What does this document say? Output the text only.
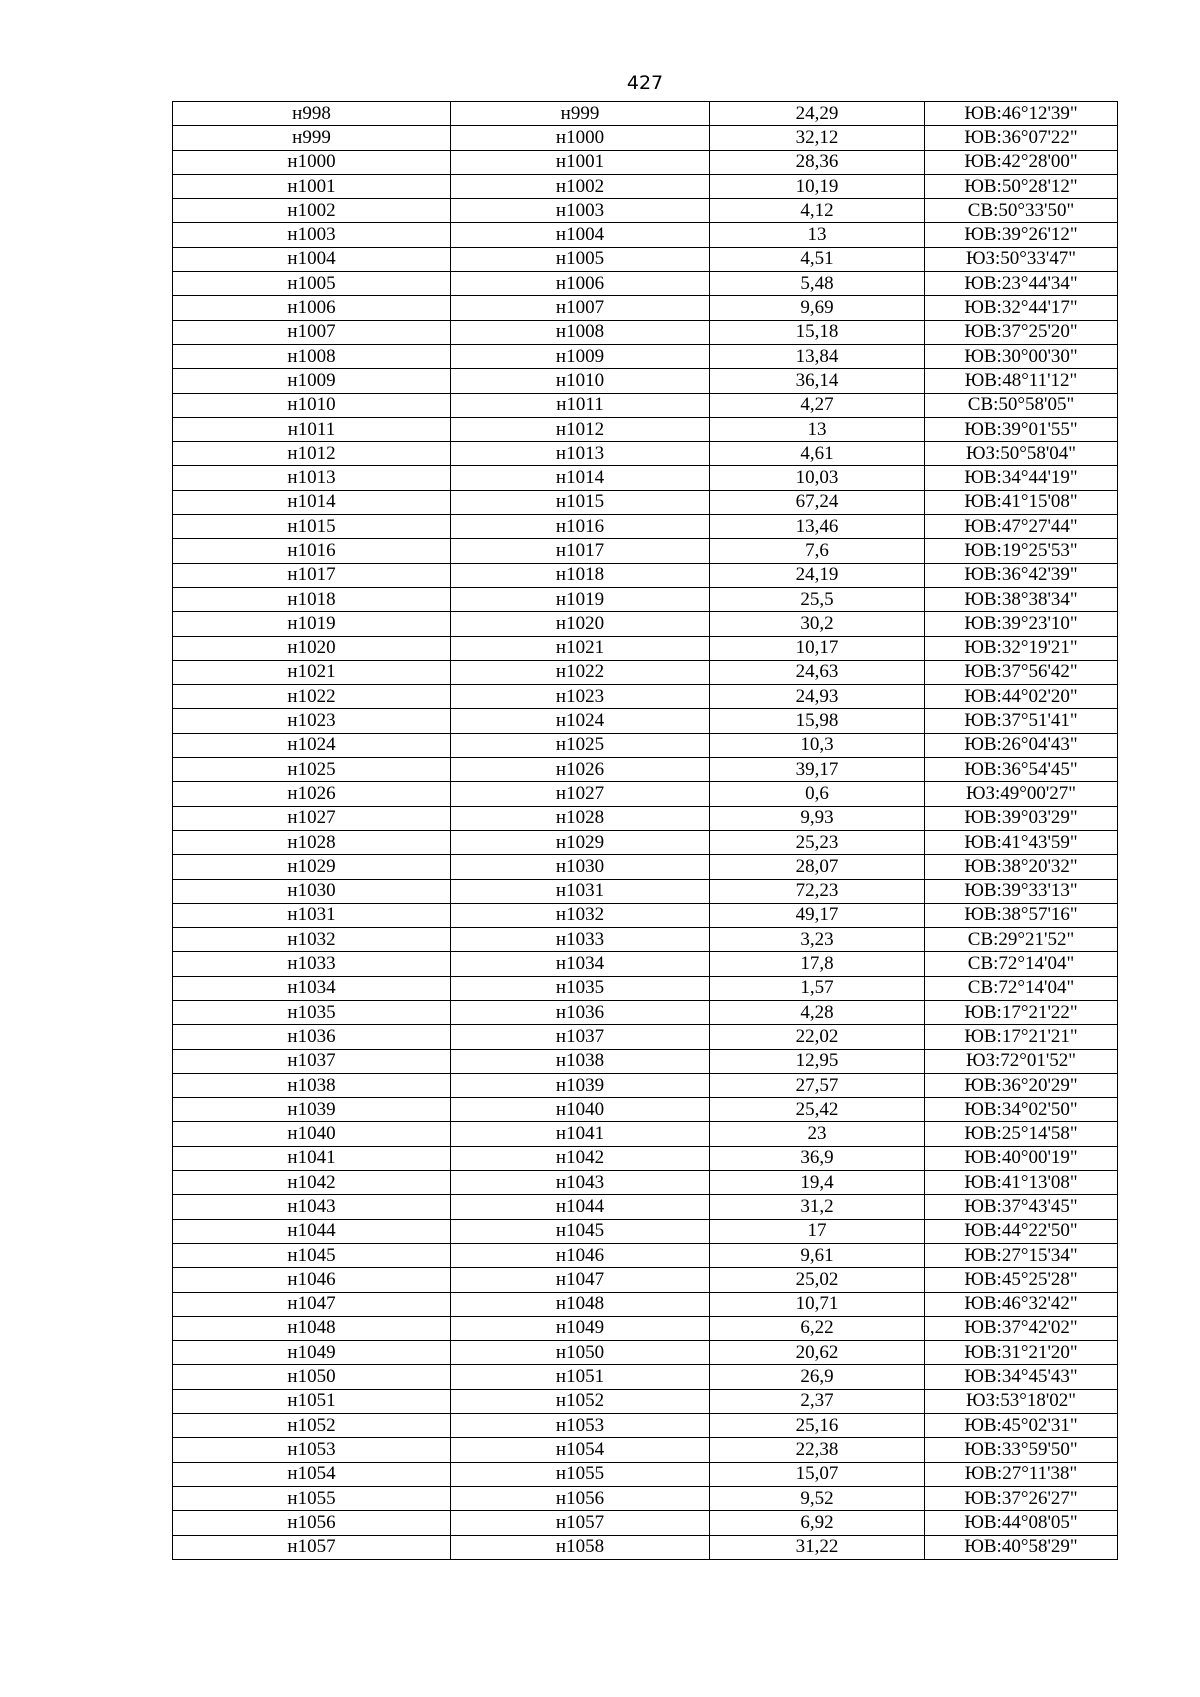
427
н998	н999	24,29	ЮВ:46°12'39"
н999	н1000	32,12	ЮВ:36°07'22"
н1000	н1001	28,36	ЮВ:42°28'00"
н1001	н1002	10,19	ЮВ:50°28'12"
н1002	н1003	4,12	СВ:50°33'50"
н1003	н1004	13	ЮВ:39°26'12"
н1004	н1005	4,51	ЮЗ:50°33'47"
н1005	н1006	5,48	ЮВ:23°44'34"
н1006	н1007	9,69	ЮВ:32°44'17"
н1007	н1008	15,18	ЮВ:37°25'20"
н1008	н1009	13,84	ЮВ:30°00'30"
н1009	н1010	36,14	ЮВ:48°11'12"
н1010	н1011	4,27	СВ:50°58'05"
н1011	н1012	13	ЮВ:39°01'55"
н1012	н1013	4,61	ЮЗ:50°58'04"
н1013	н1014	10,03	ЮВ:34°44'19"
н1014	н1015	67,24	ЮВ:41°15'08"
н1015	н1016	13,46	ЮВ:47°27'44"
н1016	н1017	7,6	ЮВ:19°25'53"
н1017	н1018	24,19	ЮВ:36°42'39"
н1018	н1019	25,5	ЮВ:38°38'34"
н1019	н1020	30,2	ЮВ:39°23'10"
н1020	н1021	10,17	ЮВ:32°19'21"
н1021	н1022	24,63	ЮВ:37°56'42"
н1022	н1023	24,93	ЮВ:44°02'20"
н1023	н1024	15,98	ЮВ:37°51'41"
н1024	н1025	10,3	ЮВ:26°04'43"
н1025	н1026	39,17	ЮВ:36°54'45"
н1026	н1027	0,6	ЮЗ:49°00'27"
н1027	н1028	9,93	ЮВ:39°03'29"
н1028	н1029	25,23	ЮВ:41°43'59"
н1029	н1030	28,07	ЮВ:38°20'32"
н1030	н1031	72,23	ЮВ:39°33'13"
н1031	н1032	49,17	ЮВ:38°57'16"
н1032	н1033	3,23	СВ:29°21'52"
н1033	н1034	17,8	СВ:72°14'04"
н1034	н1035	1,57	СВ:72°14'04"
н1035	н1036	4,28	ЮВ:17°21'22"
н1036	н1037	22,02	ЮВ:17°21'21"
н1037	н1038	12,95	ЮЗ:72°01'52"
н1038	н1039	27,57	ЮВ:36°20'29"
н1039	н1040	25,42	ЮВ:34°02'50"
н1040	н1041	23	ЮВ:25°14'58"
н1041	н1042	36,9	ЮВ:40°00'19"
н1042	н1043	19,4	ЮВ:41°13'08"
н1043	н1044	31,2	ЮВ:37°43'45"
н1044	н1045	17	ЮВ:44°22'50"
н1045	н1046	9,61	ЮВ:27°15'34"
н1046	н1047	25,02	ЮВ:45°25'28"
н1047	н1048	10,71	ЮВ:46°32'42"
н1048	н1049	6,22	ЮВ:37°42'02"
н1049	н1050	20,62	ЮВ:31°21'20"
н1050	н1051	26,9	ЮВ:34°45'43"
н1051	н1052	2,37	ЮЗ:53°18'02"
н1052	н1053	25,16	ЮВ:45°02'31"
н1053	н1054	22,38	ЮВ:33°59'50"
н1054	н1055	15,07	ЮВ:27°11'38"
н1055	н1056	9,52	ЮВ:37°26'27"
н1056	н1057	6,92	ЮВ:44°08'05"
н1057	н1058	31,22	ЮВ:40°58'29"
